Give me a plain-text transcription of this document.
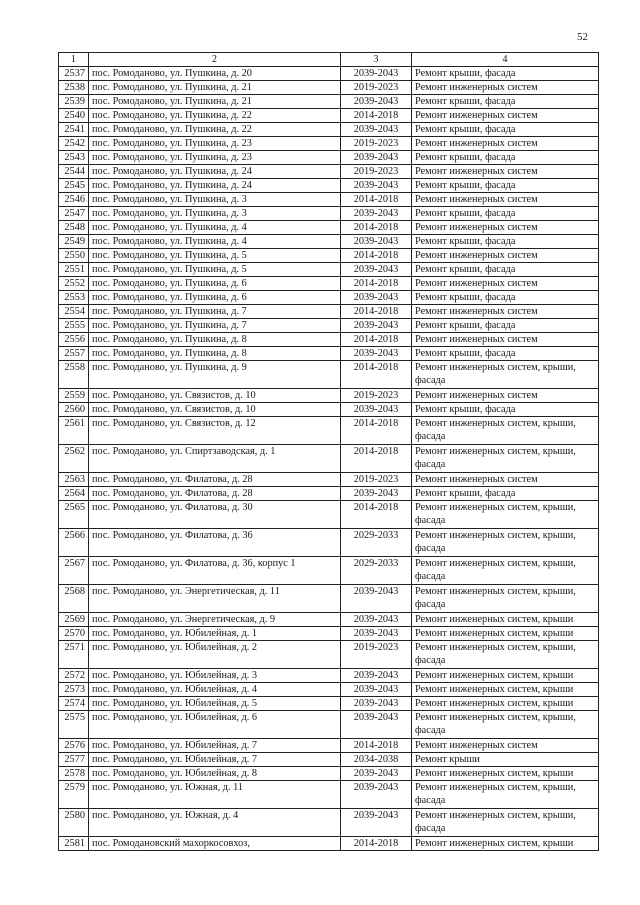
52
1	2	3	4
2537	пос. Ромоданово, ул. Пушкина, д. 20	2039-2043	Ремонт крыши, фасада
2538	пос. Ромоданово, ул. Пушкина, д. 21	2019-2023	Ремонт инженерных систем
2539	пос. Ромоданово, ул. Пушкина, д. 21	2039-2043	Ремонт крыши, фасада
2540	пос. Ромоданово, ул. Пушкина, д. 22	2014-2018	Ремонт инженерных систем
2541	пос. Ромоданово, ул. Пушкина, д. 22	2039-2043	Ремонт крыши, фасада
2542	пос. Ромоданово, ул. Пушкина, д. 23	2019-2023	Ремонт инженерных систем
2543	пос. Ромоданово, ул. Пушкина, д. 23	2039-2043	Ремонт крыши, фасада
2544	пос. Ромоданово, ул. Пушкина, д. 24	2019-2023	Ремонт инженерных систем
2545	пос. Ромоданово, ул. Пушкина, д. 24	2039-2043	Ремонт крыши, фасада
2546	пос. Ромоданово, ул. Пушкина, д. 3	2014-2018	Ремонт инженерных систем
2547	пос. Ромоданово, ул. Пушкина, д. 3	2039-2043	Ремонт крыши, фасада
2548	пос. Ромоданово, ул. Пушкина, д. 4	2014-2018	Ремонт инженерных систем
2549	пос. Ромоданово, ул. Пушкина, д. 4	2039-2043	Ремонт крыши, фасада
2550	пос. Ромоданово, ул. Пушкина, д. 5	2014-2018	Ремонт инженерных систем
2551	пос. Ромоданово, ул. Пушкина, д. 5	2039-2043	Ремонт крыши, фасада
2552	пос. Ромоданово, ул. Пушкина, д. 6	2014-2018	Ремонт инженерных систем
2553	пос. Ромоданово, ул. Пушкина, д. 6	2039-2043	Ремонт крыши, фасада
2554	пос. Ромоданово, ул. Пушкина, д. 7	2014-2018	Ремонт инженерных систем
2555	пос. Ромоданово, ул. Пушкина, д. 7	2039-2043	Ремонт крыши, фасада
2556	пос. Ромоданово, ул. Пушкина, д. 8	2014-2018	Ремонт инженерных систем
2557	пос. Ромоданово, ул. Пушкина, д. 8	2039-2043	Ремонт крыши, фасада
2558	пос. Ромоданово, ул. Пушкина, д. 9	2014-2018	Ремонт инженерных систем, крыши, фасада
2559	пос. Ромоданово, ул. Связистов, д. 10	2019-2023	Ремонт инженерных систем
2560	пос. Ромоданово, ул. Связистов, д. 10	2039-2043	Ремонт крыши, фасада
2561	пос. Ромоданово, ул. Связистов, д. 12	2014-2018	Ремонт инженерных систем, крыши, фасада
2562	пос. Ромоданово, ул. Спиртзаводская, д. 1	2014-2018	Ремонт инженерных систем, крыши, фасада
2563	пос. Ромоданово, ул. Филатова, д. 28	2019-2023	Ремонт инженерных систем
2564	пос. Ромоданово, ул. Филатова, д. 28	2039-2043	Ремонт крыши, фасада
2565	пос. Ромоданово, ул. Филатова, д. 30	2014-2018	Ремонт инженерных систем, крыши, фасада
2566	пос. Ромоданово, ул. Филатова, д. 36	2029-2033	Ремонт инженерных систем, крыши, фасада
2567	пос. Ромоданово, ул. Филатова, д. 36, корпус 1	2029-2033	Ремонт инженерных систем, крыши, фасада
2568	пос. Ромоданово, ул. Энергетическая, д. 11	2039-2043	Ремонт инженерных систем, крыши, фасада
2569	пос. Ромоданово, ул. Энергетическая, д. 9	2039-2043	Ремонт инженерных систем, крыши
2570	пос. Ромоданово, ул. Юбилейная, д. 1	2039-2043	Ремонт инженерных систем, крыши
2571	пос. Ромоданово, ул. Юбилейная, д. 2	2019-2023	Ремонт инженерных систем, крыши, фасада
2572	пос. Ромоданово, ул. Юбилейная, д. 3	2039-2043	Ремонт инженерных систем, крыши
2573	пос. Ромоданово, ул. Юбилейная, д. 4	2039-2043	Ремонт инженерных систем, крыши
2574	пос. Ромоданово, ул. Юбилейная, д. 5	2039-2043	Ремонт инженерных систем, крыши
2575	пос. Ромоданово, ул. Юбилейная, д. 6	2039-2043	Ремонт инженерных систем, крыши, фасада
2576	пос. Ромоданово, ул. Юбилейная, д. 7	2014-2018	Ремонт инженерных систем
2577	пос. Ромоданово, ул. Юбилейная, д. 7	2034-2038	Ремонт крыши
2578	пос. Ромоданово, ул. Юбилейная, д. 8	2039-2043	Ремонт инженерных систем, крыши
2579	пос. Ромоданово, ул. Южная, д. 11	2039-2043	Ремонт инженерных систем, крыши, фасада
2580	пос. Ромоданово, ул. Южная, д. 4	2039-2043	Ремонт инженерных систем, крыши, фасада
2581	пос. Ромодановский махоркосовхоз,	2014-2018	Ремонт инженерных систем, крыши
